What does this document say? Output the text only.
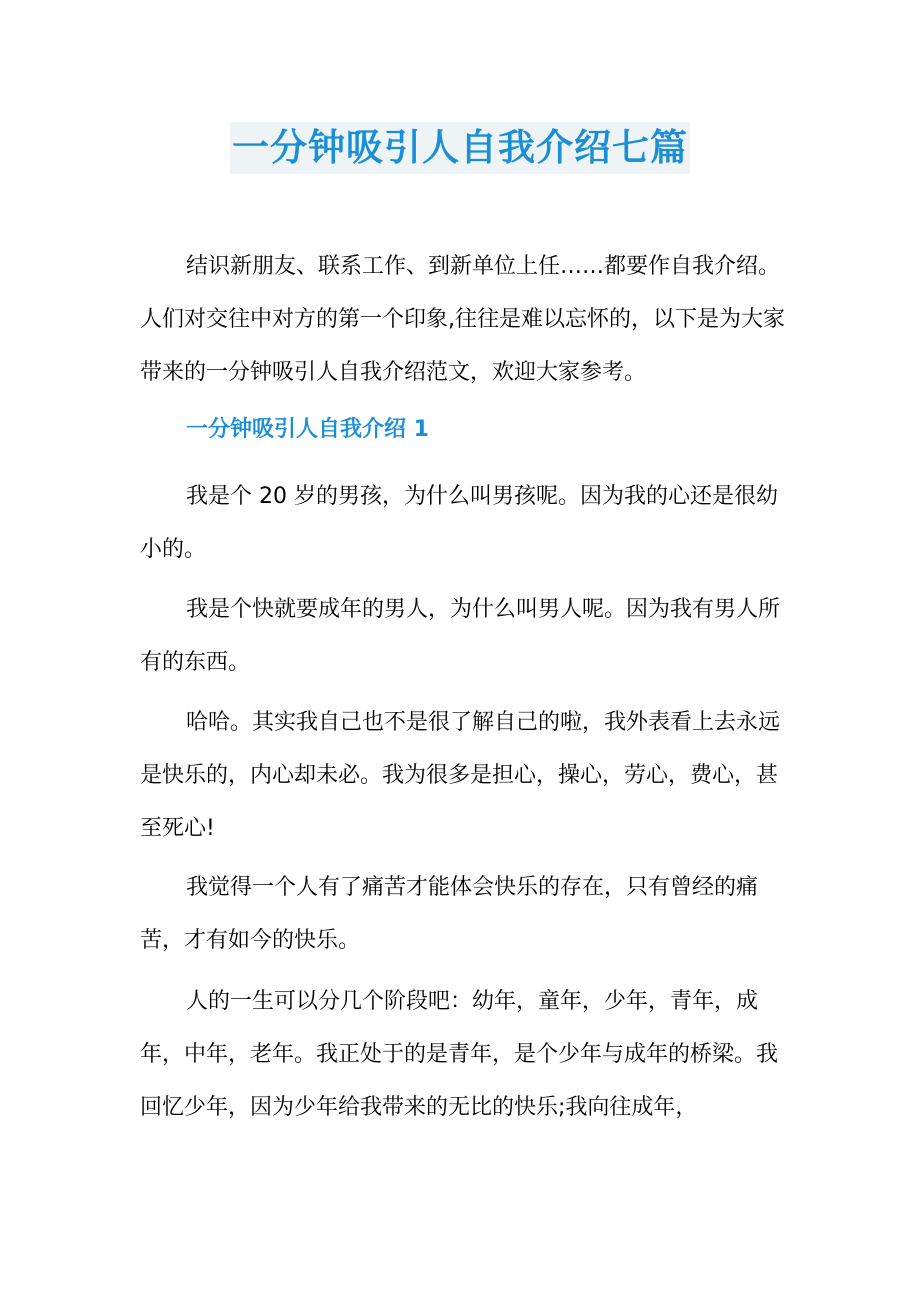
一分钟吸引人自我介绍七篇

结识新朋友、联系工作、到新单位上任……都要作自我介绍。人们对交往中对方的第一个印象,往往是难以忘怀的，以下是为大家带来的一分钟吸引人自我介绍范文，欢迎大家参考。

一分钟吸引人自我介绍 1

我是个 20 岁的男孩，为什么叫男孩呢。因为我的心还是很幼小的。

我是个快就要成年的男人，为什么叫男人呢。因为我有男人所有的东西。

哈哈。其实我自己也不是很了解自己的啦，我外表看上去永远是快乐的，内心却未必。我为很多是担心，操心，劳心，费心，甚至死心!

我觉得一个人有了痛苦才能体会快乐的存在，只有曾经的痛苦，才有如今的快乐。

人的一生可以分几个阶段吧：幼年，童年，少年，青年，成年，中年，老年。我正处于的是青年，是个少年与成年的桥梁。我回忆少年，因为少年给我带来的无比的快乐;我向往成年，
